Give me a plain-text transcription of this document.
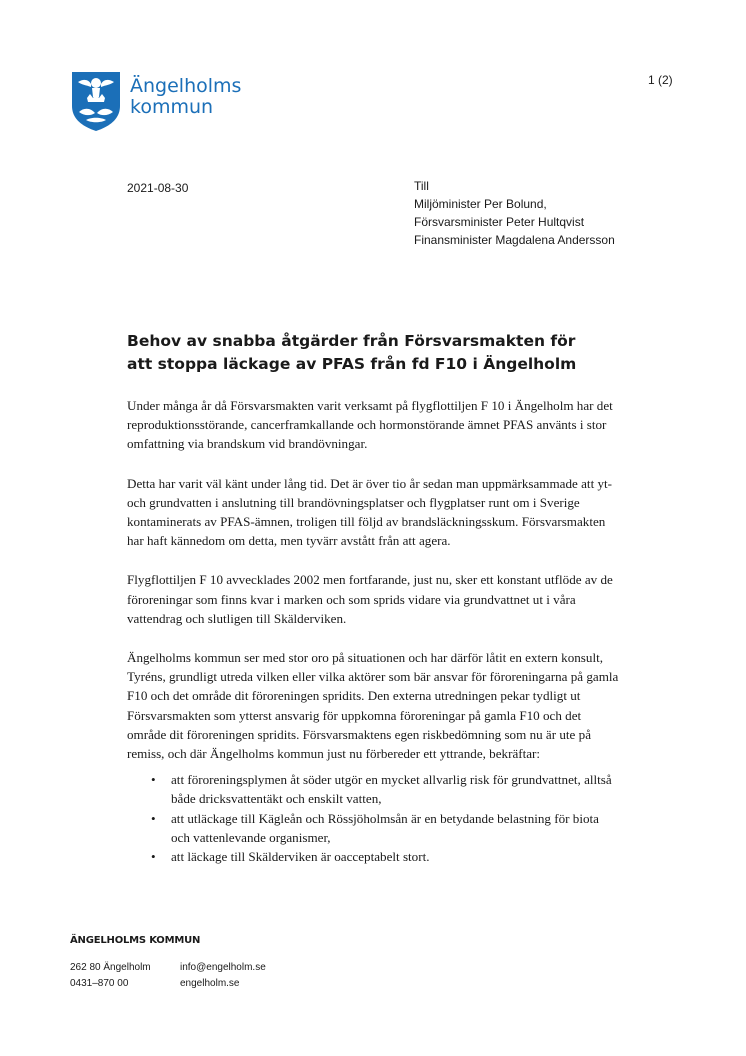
Ängelholms
kommun
1 (2)
2021-08-30	Till
Miljöminister Per Bolund,
Försvarsminister Peter Hultqvist
Finansminister Magdalena Andersson
Behov av snabba åtgärder från Försvarsmakten för att stoppa läckage av PFAS från fd F10 i Ängelholm

Under många år då Försvarsmakten varit verksamt på flygflottiljen F 10 i Ängelholm har det reproduktionsstörande, cancerframkallande och hormonstörande ämnet PFAS använts i stor omfattning via brandskum vid brandövningar.

Detta har varit väl känt under lång tid. Det är över tio år sedan man uppmärksammade att yt- och grundvatten i anslutning till brandövningsplatser och flygplatser runt om i Sverige kontaminerats av PFAS-ämnen, troligen till följd av brandsläckningsskum. Försvarsmakten har haft kännedom om detta, men tyvärr avstått från att agera.

Flygflottiljen F 10 avvecklades 2002 men fortfarande, just nu, sker ett konstant utflöde av de föroreningar som finns kvar i marken och som sprids vidare via grundvattnet ut i våra vattendrag och slutligen till Skälderviken.

Ängelholms kommun ser med stor oro på situationen och har därför låtit en extern konsult, Tyréns, grundligt utreda vilken eller vilka aktörer som bär ansvar för föroreningarna på gamla F10 och det område dit föroreningen spridits. Den externa utredningen pekar tydligt ut Försvarsmakten som ytterst ansvarig för uppkomna föroreningar på gamla F10 och det område dit föroreningen spridits. Försvarsmaktens egen riskbedömning som nu är ute på remiss, och där Ängelholms kommun just nu förbereder ett yttrande, bekräftar:

• att föroreningsplymen åt söder utgör en mycket allvarlig risk för grundvattnet, alltså både dricksvattentäkt och enskilt vatten,
• att utläckage till Kägleån och Rössjöholmsån är en betydande belastning för biota och vattenlevande organismer,
• att läckage till Skälderviken är oacceptabelt stort.
ÄNGELHOLMS KOMMUN
262 80 Ängelholm
0431–870 00
info@engelholm.se
engelholm.se
